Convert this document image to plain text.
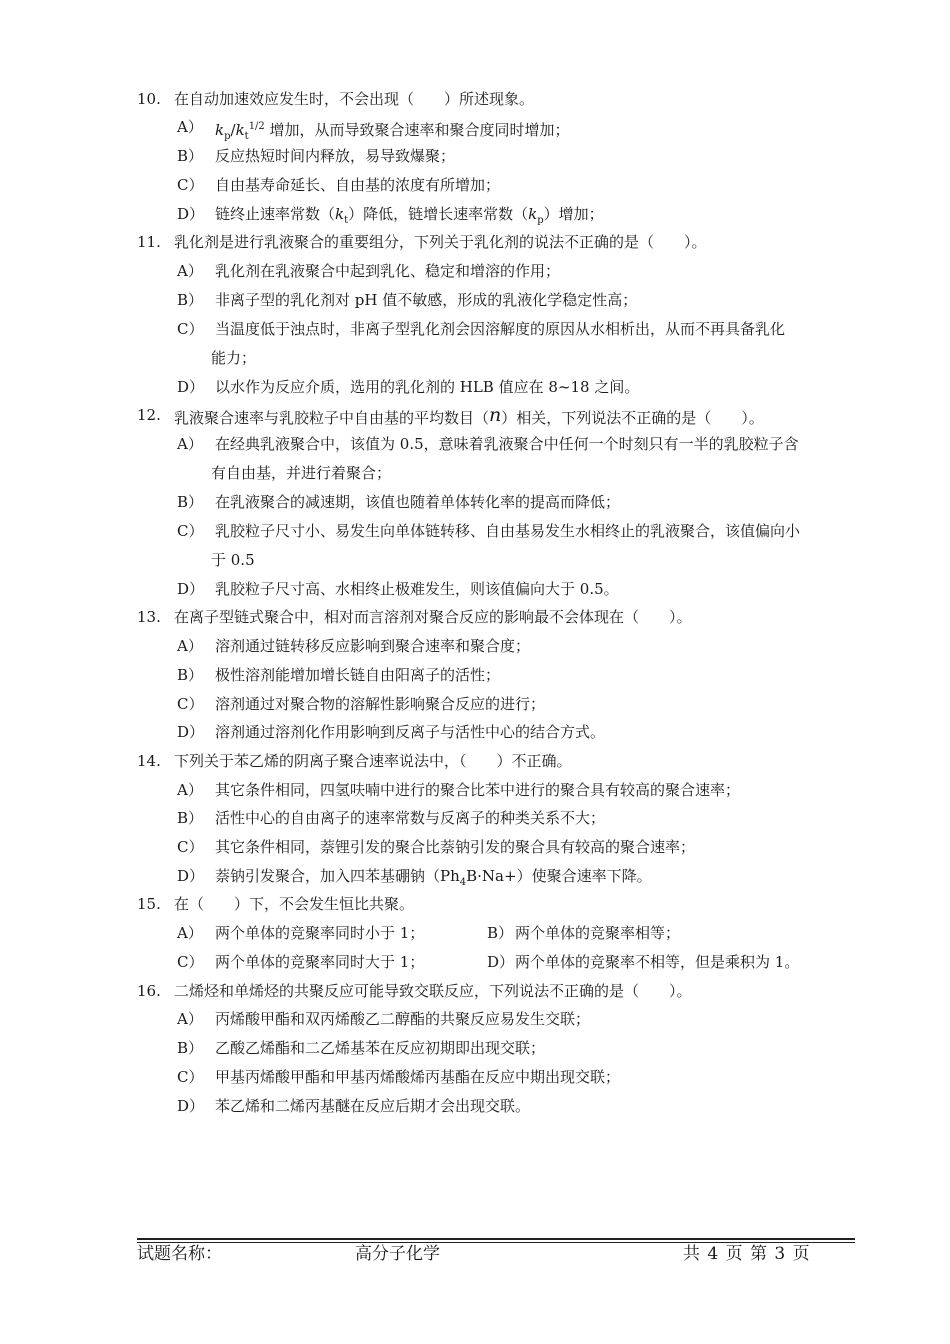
10. 在自动加速效应发生时，不会出现（　　）所述现象。
A） $k_p/k_t^{1/2}$ 增加，从而导致聚合速率和聚合度同时增加；
B） 反应热短时间内释放，易导致爆聚；
C） 自由基寿命延长、自由基的浓度有所增加；
D） 链终止速率常数$(k_t)$降低，链增长速率常数$(k_p)$增加；
11. 乳化剂是进行乳液聚合的重要组分，下列关于乳化剂的说法不正确的是（　　）。
A） 乳化剂在乳液聚合中起到乳化、稳定和增溶的作用；
B） 非离子型的乳化剂对 pH 值不敏感，形成的乳液化学稳定性高；
C） 当温度低于浊点时，非离子型乳化剂会因溶解度的原因从水相析出，从而不再具备乳化
能力；
D） 以水作为反应介质，选用的乳化剂的 HLB 值应在 8~18 之间。
12. 乳液聚合速率与乳胶粒子中自由基的平均数目（n）相关，下列说法不正确的是（　　）。
A） 在经典乳液聚合中，该值为 0.5，意味着乳液聚合中任何一个时刻只有一半的乳胶粒子含
有自由基，并进行着聚合；
B） 在乳液聚合的减速期，该值也随着单体转化率的提高而降低；
C） 乳胶粒子尺寸小、易发生向单体链转移、自由基易发生水相终止的乳液聚合，该值偏向小
于 0.5
D） 乳胶粒子尺寸高、水相终止极难发生，则该值偏向大于 0.5。
13. 在离子型链式聚合中，相对而言溶剂对聚合反应的影响最不会体现在（　　）。
A） 溶剂通过链转移反应影响到聚合速率和聚合度；
B） 极性溶剂能增加增长链自由阳离子的活性；
C） 溶剂通过对聚合物的溶解性影响聚合反应的进行；
D） 溶剂通过溶剂化作用影响到反离子与活性中心的结合方式。
14. 下列关于苯乙烯的阴离子聚合速率说法中，（　　）不正确。
A） 其它条件相同，四氢呋喃中进行的聚合比苯中进行的聚合具有较高的聚合速率；
B） 活性中心的自由离子的速率常数与反离子的种类关系不大；
C） 其它条件相同，萘锂引发的聚合比萘钠引发的聚合具有较高的聚合速率；
D） 萘钠引发聚合，加入四苯基硼钠$(Ph_4B\cdot Na+)$使聚合速率下降。
15. 在（　　）下，不会发生恒比共聚。
A） 两个单体的竞聚率同时小于 1；	B） 两个单体的竞聚率相等；
C） 两个单体的竞聚率同时大于 1；	D） 两个单体的竞聚率不相等，但是乘积为 1。
16. 二烯烃和单烯烃的共聚反应可能导致交联反应，下列说法不正确的是（　　）。
A） 丙烯酸甲酯和双丙烯酸乙二醇酯的共聚反应易发生交联；
B） 乙酸乙烯酯和二乙烯基苯在反应初期即出现交联；
C） 甲基丙烯酸甲酯和甲基丙烯酸烯丙基酯在反应中期出现交联；
D） 苯乙烯和二烯丙基醚在反应后期才会出现交联。
试题名称：	高分子化学	共 4 页 第 3 页
